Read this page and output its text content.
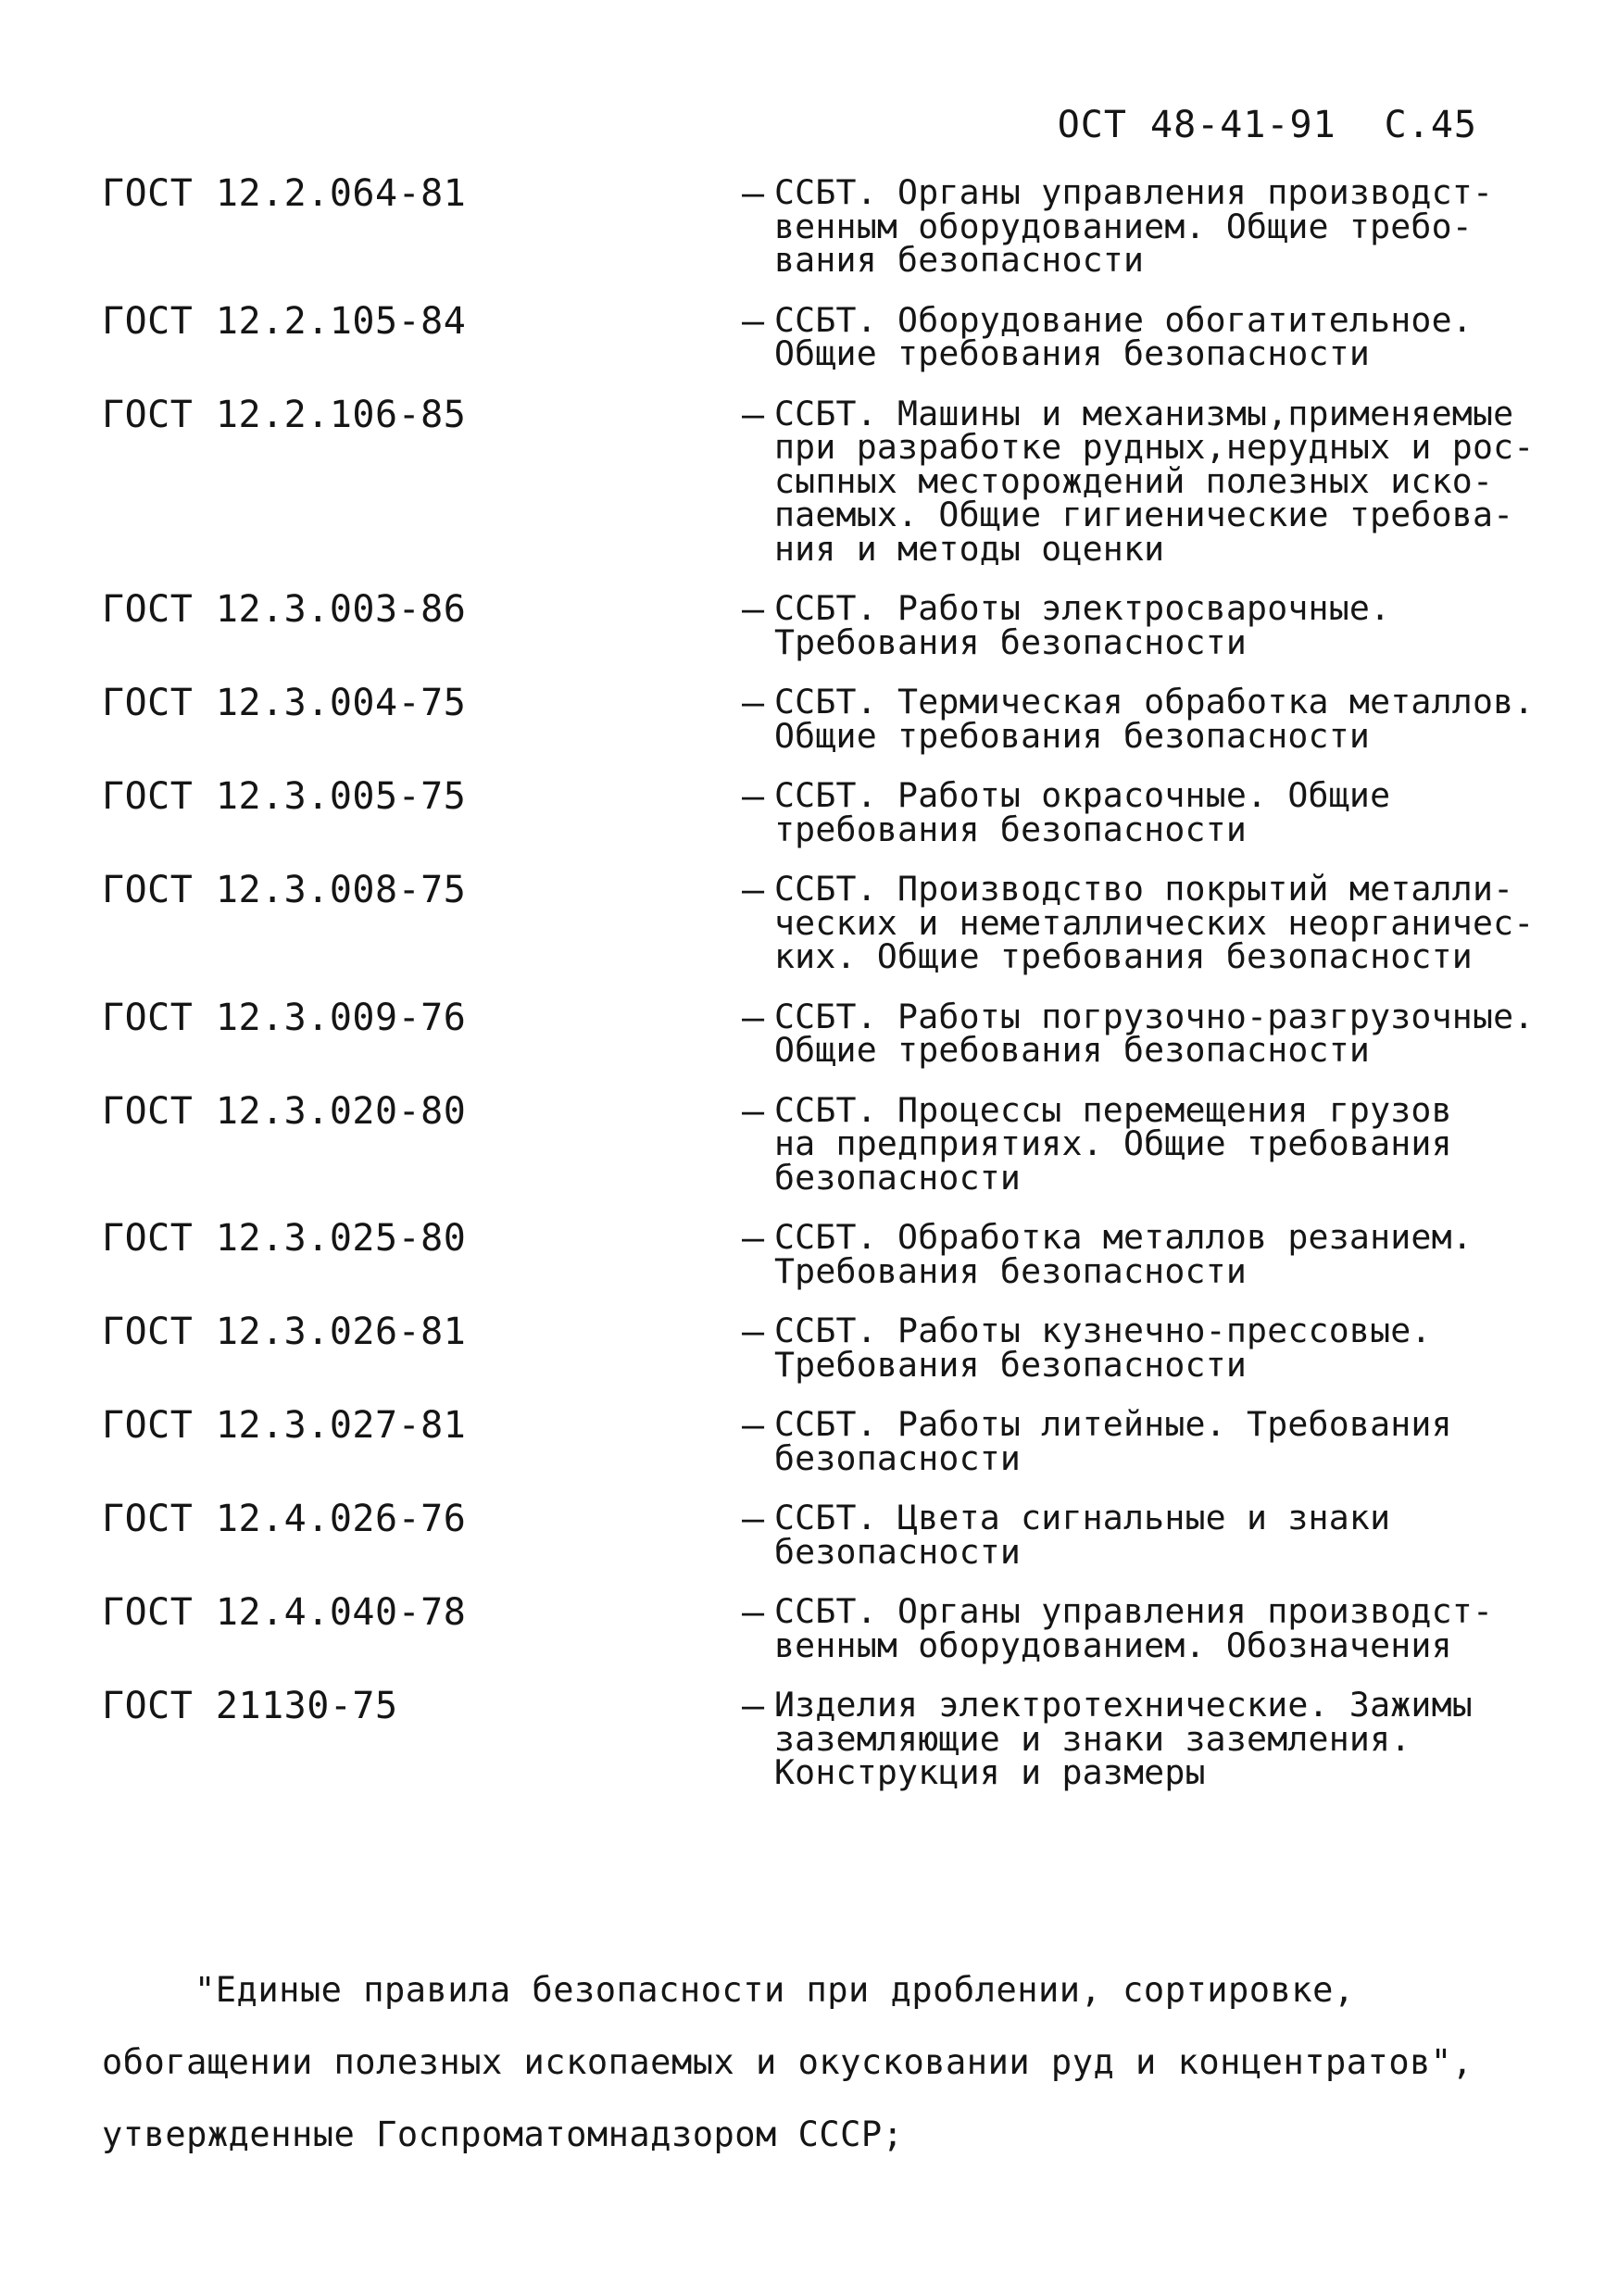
ОСТ 48-41-91 С.45
ГОСТ 12.2.064-81	– ССБТ. Органы управления производст-
венным оборудованием. Общие требо-
вания безопасности
ГОСТ 12.2.105-84	– ССБТ. Оборудование обогатительное.
Общие требования безопасности
ГОСТ 12.2.106-85	– ССБТ. Машины и механизмы,применяемые
при разработке рудных,нерудных и рос-
сыпных месторождений полезных иско-
паемых. Общие гигиенические требова-
ния и методы оценки
ГОСТ 12.3.003-86	– ССБТ. Работы электросварочные.
Требования безопасности
ГОСТ 12.3.004-75	– ССБТ. Термическая обработка металлов.
Общие требования безопасности
ГОСТ 12.3.005-75	– ССБТ. Работы окрасочные. Общие
требования безопасности
ГОСТ 12.3.008-75	– ССБТ. Производство покрытий металли-
ческих и неметаллических неорганичес-
ких. Общие требования безопасности
ГОСТ 12.3.009-76	– ССБТ. Работы погрузочно-разгрузочные.
Общие требования безопасности
ГОСТ 12.3.020-80	– ССБТ. Процессы перемещения грузов
на предприятиях. Общие требования
безопасности
ГОСТ 12.3.025-80	– ССБТ. Обработка металлов резанием.
Требования безопасности
ГОСТ 12.3.026-81	– ССБТ. Работы кузнечно-прессовые.
Требования безопасности
ГОСТ 12.3.027-81	– ССБТ. Работы литейные. Требования
безопасности
ГОСТ 12.4.026-76	– ССБТ. Цвета сигнальные и знаки
безопасности
ГОСТ 12.4.040-78	– ССБТ. Органы управления производст-
венным оборудованием. Обозначения
ГОСТ 21130-75	– Изделия электротехнические. Зажимы
заземляющие и знаки заземления.
Конструкция и размеры
"Единые правила безопасности при дроблении, сортировке, обогащении полезных ископаемых и окусковании руд и концентратов", утвержденные Госпроматомнадзором СССР;
